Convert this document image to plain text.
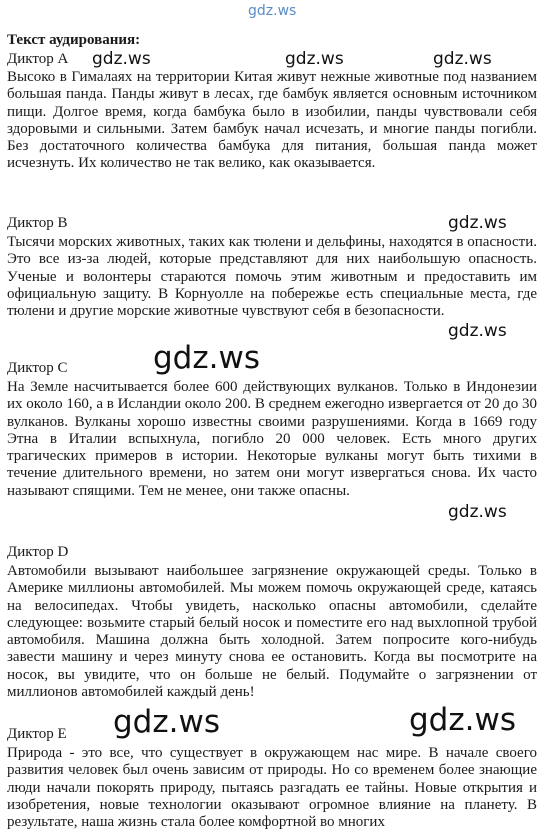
gdz.ws
Текст аудирования:

Диктор A

Высоко в Гималаях на территории Китая живут нежные животные под названием большая панда. Панды живут в лесах, где бамбук является основным источником пищи. Долгое время, когда бамбука было в изобилии, панды чувствовали себя здоровыми и сильными. Затем бамбук начал исчезать, и многие панды погибли. Без достаточного количества бамбука для питания, большая панда может исчезнуть. Их количество не так велико, как оказывается.

Диктор B

Тысячи морских животных, таких как тюлени и дельфины, находятся в опасности. Это все из-за людей, которые представляют для них наибольшую опасность. Ученые и волонтеры стараются помочь этим животным и предоставить им официальную защиту. В Корнуолле на побережье есть специальные места, где тюлени и другие морские животные чувствуют себя в безопасности.

Диктор C

На Земле насчитывается более 600 действующих вулканов. Только в Индонезии их около 160, а в Исландии около 200. В среднем ежегодно извергается от 20 до 30 вулканов. Вулканы хорошо известны своими разрушениями. Когда в 1669 году Этна в Италии вспыхнула, погибло 20 000 человек. Есть много других трагических примеров в истории. Некоторые вулканы могут быть тихими в течение длительного времени, но затем они могут извергаться снова. Их часто называют спящими. Тем не менее, они также опасны.

Диктор D

Автомобили вызывают наибольшее загрязнение окружающей среды. Только в Америке миллионы автомобилей. Мы можем помочь окружающей среде, катаясь на велосипедах. Чтобы увидеть, насколько опасны автомобили, сделайте следующее: возьмите старый белый носок и поместите его над выхлопной трубой автомобиля. Машина должна быть холодной. Затем попросите кого-нибудь завести машину и через минуту снова ее остановить. Когда вы посмотрите на носок, вы увидите, что он больше не белый. Подумайте о загрязнении от миллионов автомобилей каждый день!

Диктор E

Природа - это все, что существует в окружающем нас мире. В начале своего развития человек был очень зависим от природы. Но со временем более знающие люди начали покорять природу, пытаясь разгадать ее тайны. Новые открытия и изобретения, новые технологии оказывают огромное влияние на планету. В результате, наша жизнь стала более комфортной во многих

gdz.ws	gdz.ws	gdz.ws
gdz.ws
gdz.ws
gdz.ws
gdz.ws
gdz.ws	gdz.ws
